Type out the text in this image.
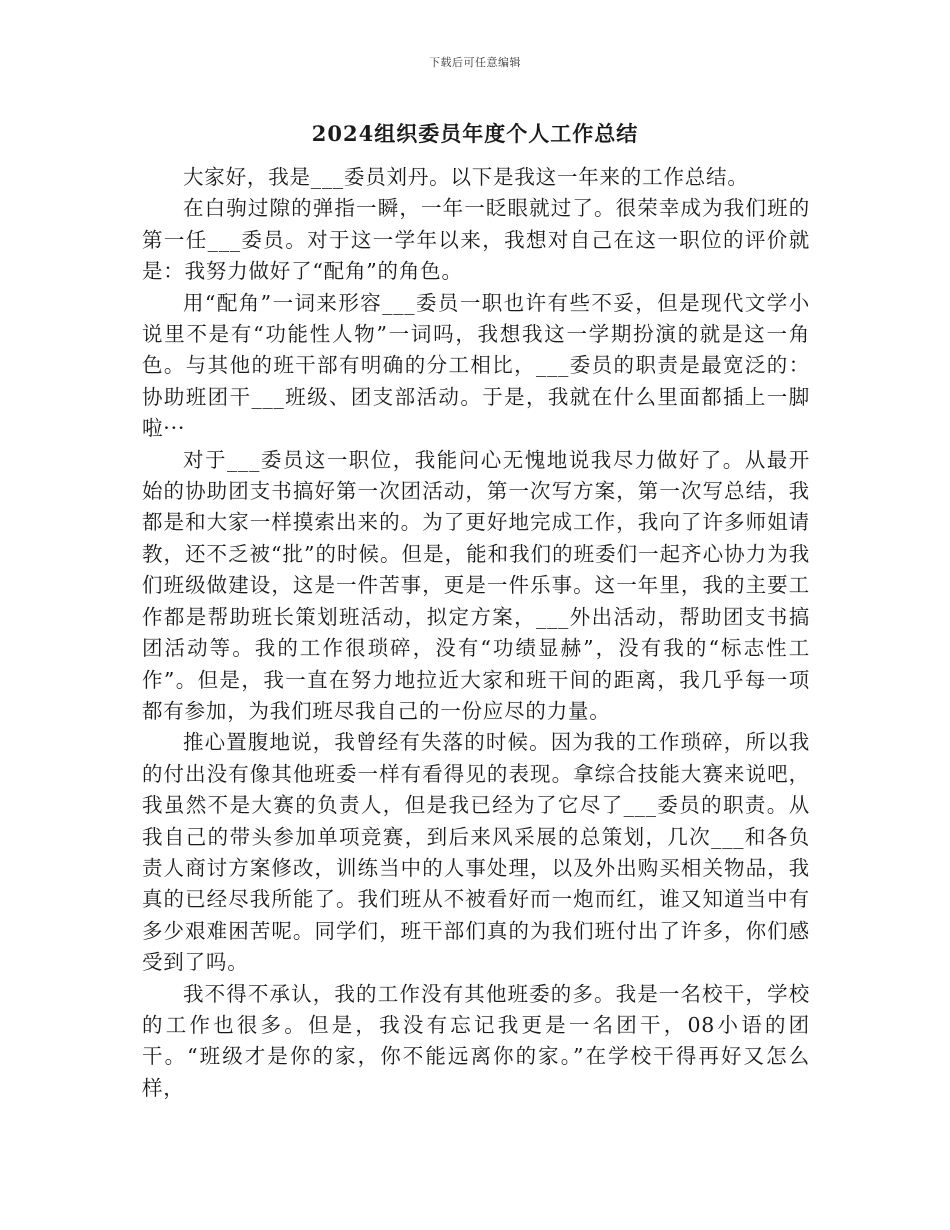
下载后可任意编辑
2024组织委员年度个人工作总结

大家好，我是___委员刘丹。以下是我这一年来的工作总结。

在白驹过隙的弹指一瞬，一年一眨眼就过了。很荣幸成为我们班的第一任___委员。对于这一学年以来，我想对自己在这一职位的评价就是：我努力做好了“配角”的角色。

用“配角”一词来形容___委员一职也许有些不妥，但是现代文学小说里不是有“功能性人物”一词吗，我想我这一学期扮演的就是这一角色。与其他的班干部有明确的分工相比，___委员的职责是最宽泛的：协助班团干___班级、团支部活动。于是，我就在什么里面都插上一脚啦···

对于___委员这一职位，我能问心无愧地说我尽力做好了。从最开始的协助团支书搞好第一次团活动，第一次写方案，第一次写总结，我都是和大家一样摸索出来的。为了更好地完成工作，我向了许多师姐请教，还不乏被“批”的时候。但是，能和我们的班委们一起齐心协力为我们班级做建设，这是一件苦事，更是一件乐事。这一年里，我的主要工作都是帮助班长策划班活动，拟定方案，___外出活动，帮助团支书搞团活动等。我的工作很琐碎，没有“功绩显赫”，没有我的“标志性工作”。但是，我一直在努力地拉近大家和班干间的距离，我几乎每一项都有参加，为我们班尽我自己的一份应尽的力量。

推心置腹地说，我曾经有失落的时候。因为我的工作琐碎，所以我的付出没有像其他班委一样有看得见的表现。拿综合技能大赛来说吧，我虽然不是大赛的负责人，但是我已经为了它尽了___委员的职责。从我自己的带头参加单项竞赛，到后来风采展的总策划，几次___和各负责人商讨方案修改，训练当中的人事处理，以及外出购买相关物品，我真的已经尽我所能了。我们班从不被看好而一炮而红，谁又知道当中有多少艰难困苦呢。同学们，班干部们真的为我们班付出了许多，你们感受到了吗。

我不得不承认，我的工作没有其他班委的多。我是一名校干，学校的工作也很多。但是，我没有忘记我更是一名团干，08小语的团干。“班级才是你的家，你不能远离你的家。”在学校干得再好又怎么样，
